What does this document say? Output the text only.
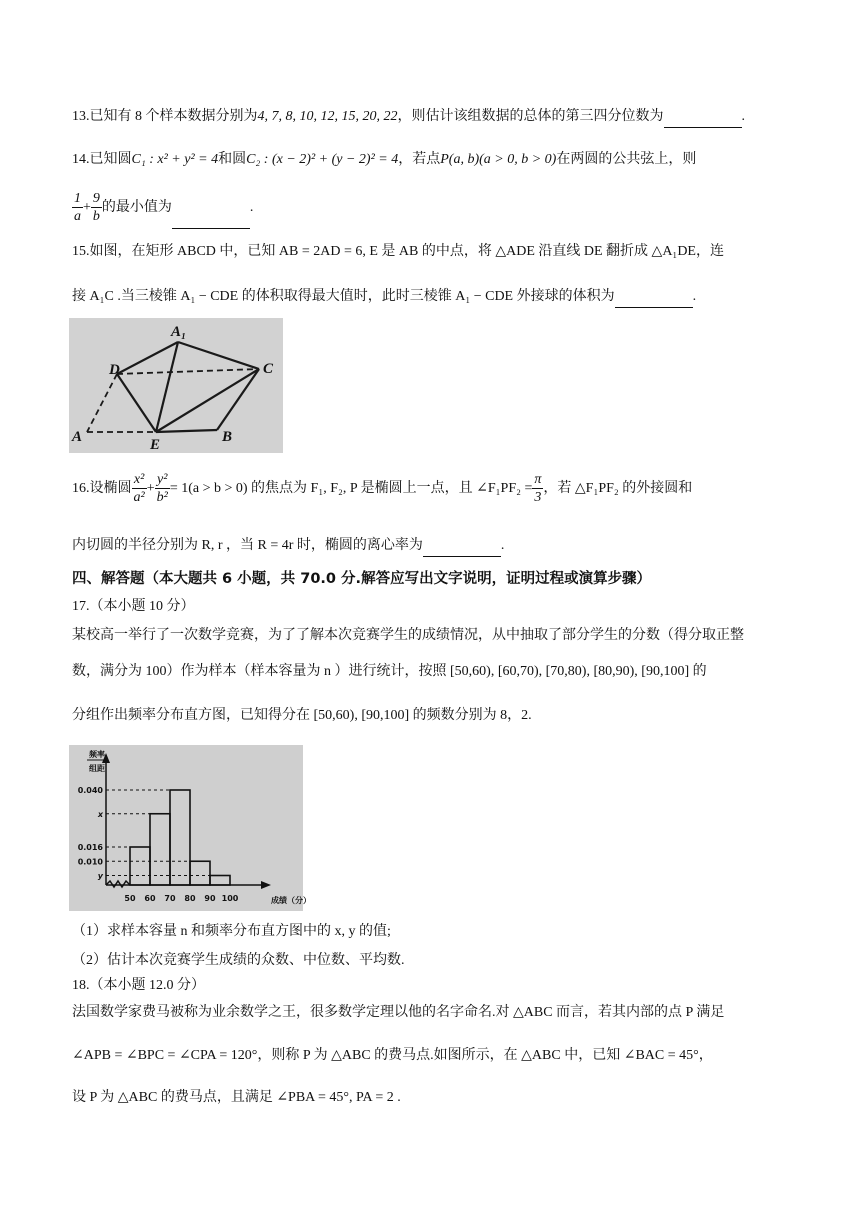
13.已知有 8 个样本数据分别为4, 7, 8, 10, 12, 15, 20, 22，则估计该组数据的总体的第三四分位数为	.
14.已知圆C₁ : x² + y² = 4和圆C₂ : (x − 2)² + (y − 2)² = 4，若点P(a, b)(a > 0, b > 0)在两圆的公共弦上，则
$\frac{1}{a} + \frac{9}{b}$ 的最小值为	.
15.如图，在矩形 ABCD 中，已知 AB = 2AD = 6, E 是 AB 的中点，将 △ADE 沿直线 DE 翻折成 △A₁DE，连
接 A₁C .当三棱锥 A₁ − CDE 的体积取得最大值时，此时三棱锥 A₁ − CDE 外接球的体积为	.
A₁
D	C
A	E	B
16.设椭圆 $\frac{\text{x²}}{\text{a²}} + \frac{\text{y²}}{\text{b²}} = 1(a > b > 0)$ 的焦点为 F₁, F₂, P 是椭圆上一点，且 ∠F₁PF₂ = $\frac{\pi}{3}$ ，若 △F₁PF₂ 的外接圆和
内切圆的半径分别为 R, r ，当 R = 4r 时，椭圆的离心率为	.
四、解答题（本大题共 6 小题，共 70.0 分.解答应写出文字说明，证明过程或演算步骤）
17.（本小题 10 分）
某校高一举行了一次数学竞赛，为了了解本次竞赛学生的成绩情况，从中抽取了部分学生的分数（得分取正整
数，满分为 100）作为样本（样本容量为 n ）进行统计，按照 [50,60), [60,70), [70,80), [80,90), [90,100] 的
分组作出频率分布直方图，已知得分在 [50,60), [90,100] 的频数分别为 8，2.
频率
组距
成绩（分）
0.040
x
0.016
0.010
y
50 60 70 80 90 100
（1）求样本容量 n 和频率分布直方图中的 x, y 的值;
（2）估计本次竞赛学生成绩的众数、中位数、平均数.
18.（本小题 12.0 分）
法国数学家费马被称为业余数学之王，很多数学定理以他的名字命名.对 △ABC 而言，若其内部的点 P 满足
∠APB = ∠BPC = ∠CPA = 120°，则称 P 为 △ABC 的费马点.如图所示，在 △ABC 中，已知 ∠BAC = 45°，
设 P 为 △ABC 的费马点，且满足 ∠PBA = 45°, PA = 2 .
